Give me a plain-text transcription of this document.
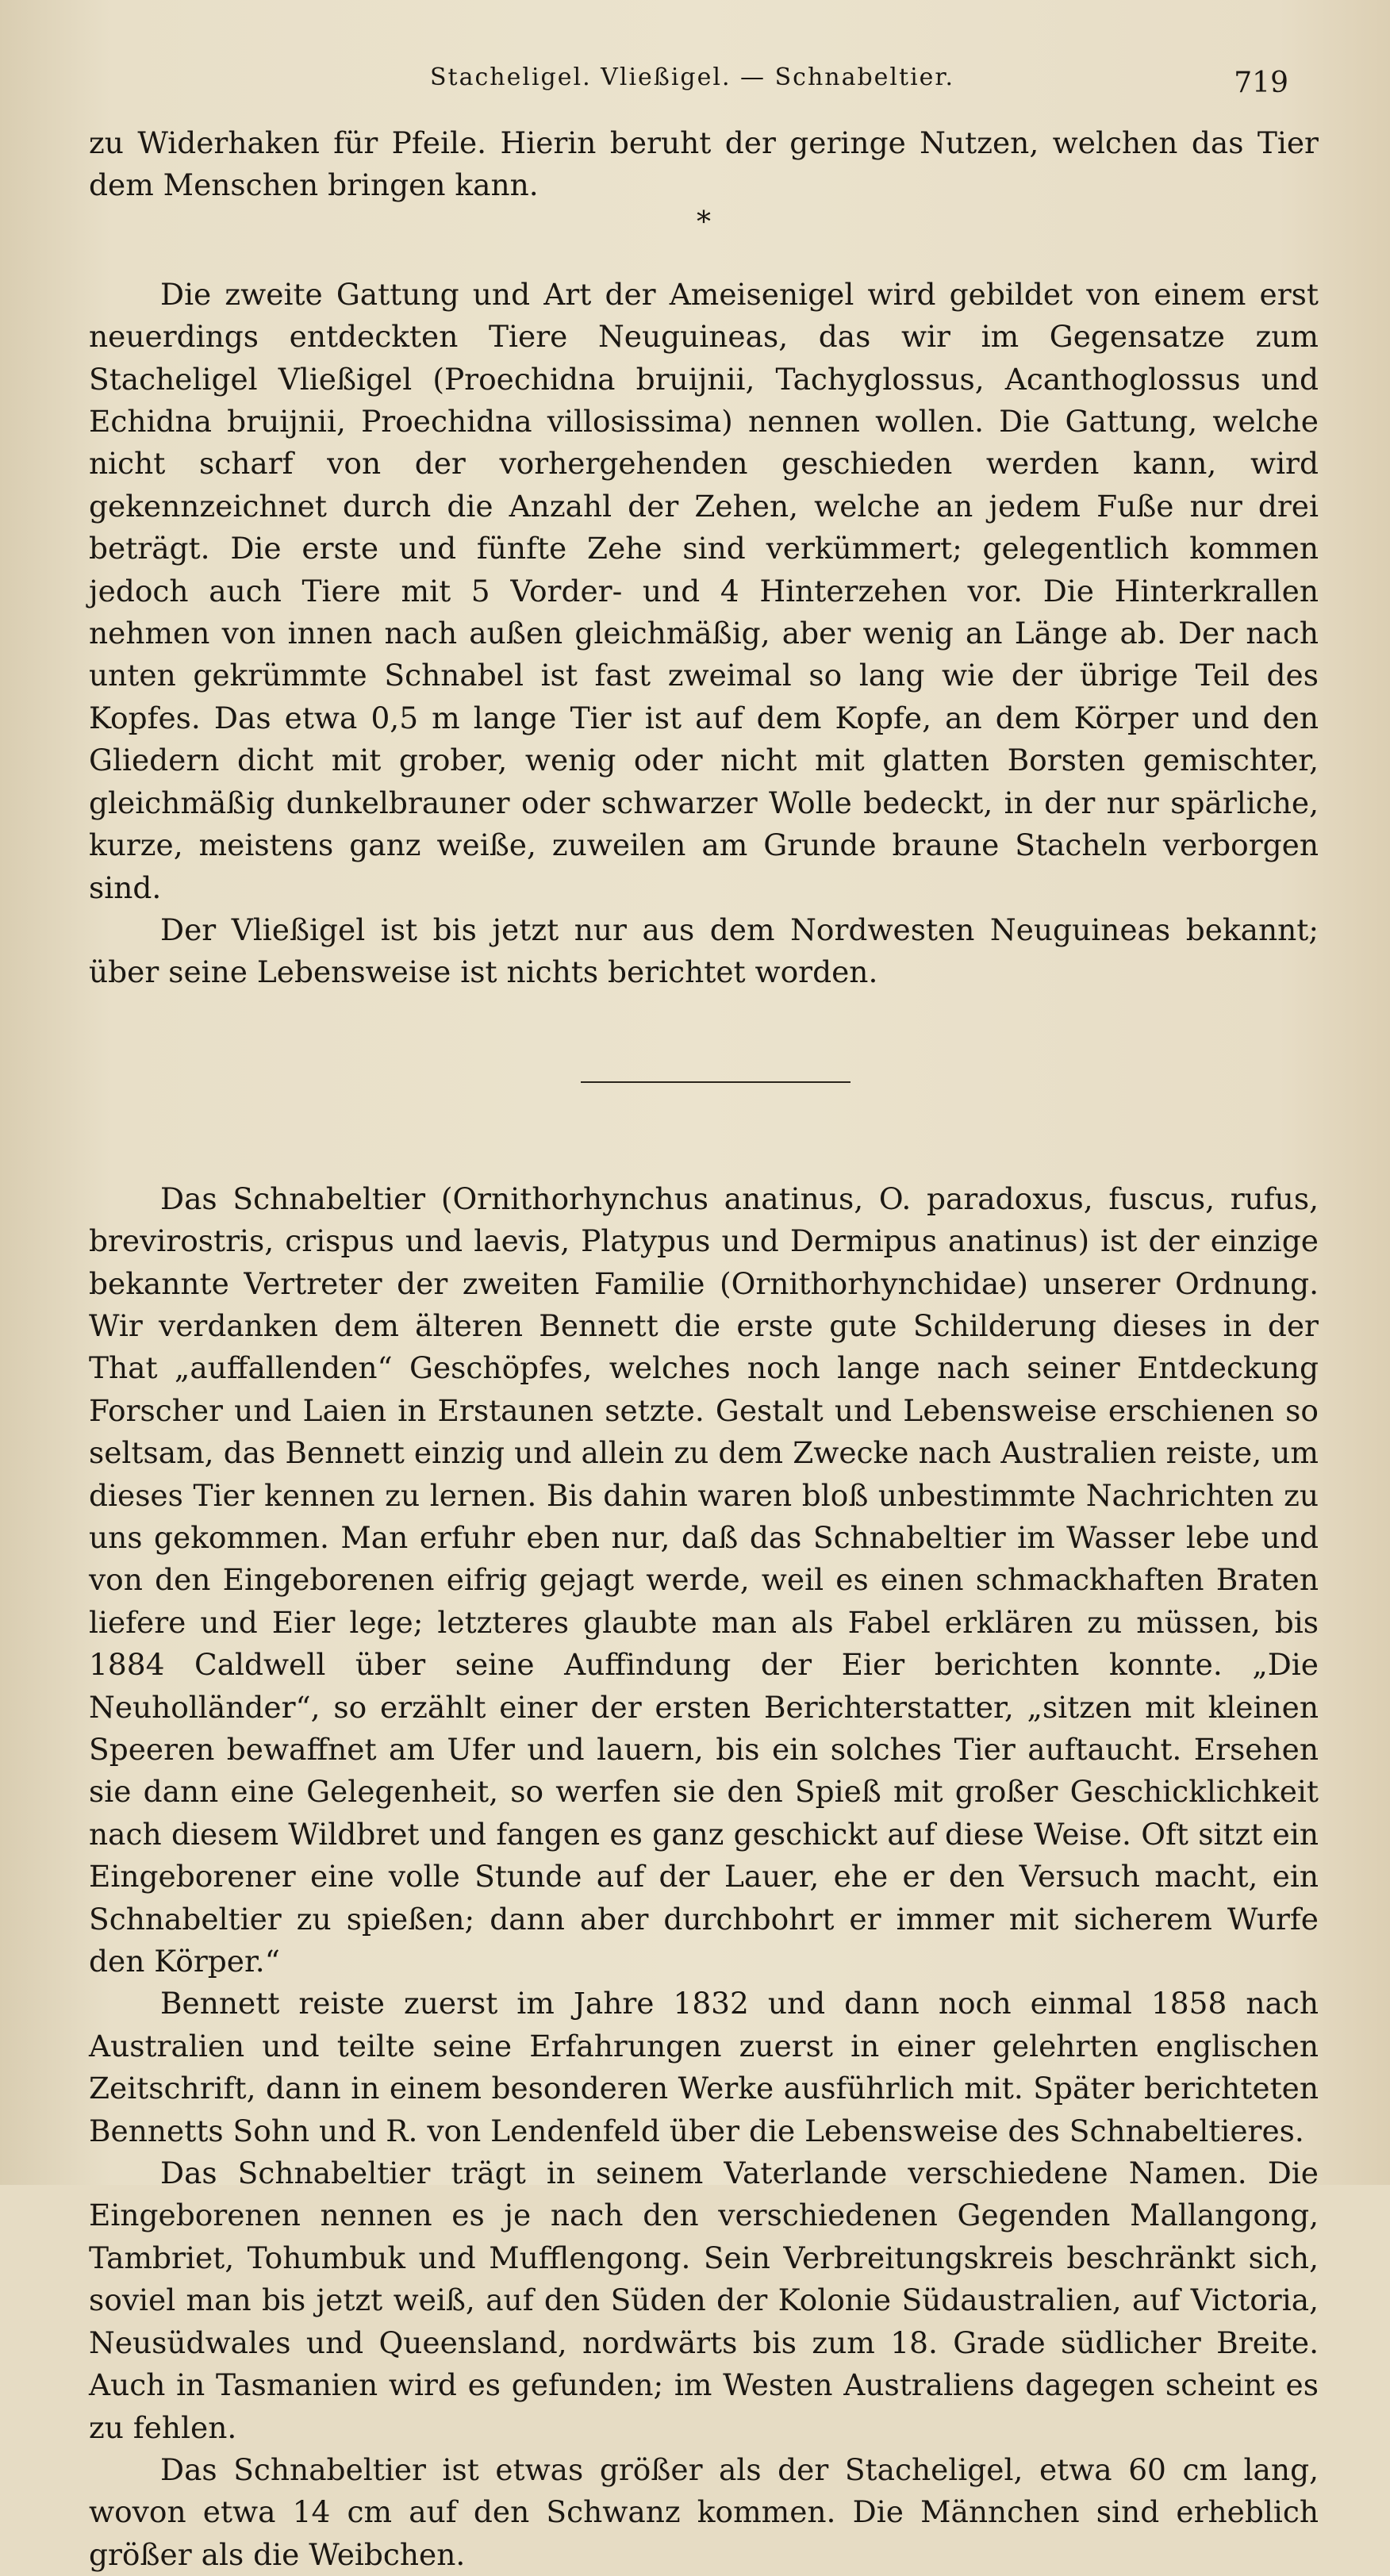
Stacheligel. Vließigel. — Schnabeltier.	719

zu Widerhaken für Pfeile. Hierin beruht der geringe Nutzen, welchen das Tier dem Menschen bringen kann.

*

Die zweite Gattung und Art der Ameisenigel wird gebildet von einem erst neuerdings entdeckten Tiere Neuguineas, das wir im Gegensatze zum Stacheligel Vließigel (Proechidna bruijnii, Tachyglossus, Acanthoglossus und Echidna bruijnii, Proechidna villosissima) nennen wollen. Die Gattung, welche nicht scharf von der vorhergehenden geschieden werden kann, wird gekennzeichnet durch die Anzahl der Zehen, welche an jedem Fuße nur drei beträgt. Die erste und fünfte Zehe sind verkümmert; gelegentlich kommen jedoch auch Tiere mit 5 Vorder- und 4 Hinterzehen vor. Die Hinterkrallen nehmen von innen nach außen gleichmäßig, aber wenig an Länge ab. Der nach unten gekrümmte Schnabel ist fast zweimal so lang wie der übrige Teil des Kopfes. Das etwa 0,5 m lange Tier ist auf dem Kopfe, an dem Körper und den Gliedern dicht mit grober, wenig oder nicht mit glatten Borsten gemischter, gleichmäßig dunkelbrauner oder schwarzer Wolle bedeckt, in der nur spärliche, kurze, meistens ganz weiße, zuweilen am Grunde braune Stacheln verborgen sind.

Der Vließigel ist bis jetzt nur aus dem Nordwesten Neuguineas bekannt; über seine Lebensweise ist nichts berichtet worden.

Das Schnabeltier (Ornithorhynchus anatinus, O. paradoxus, fuscus, rufus, brevirostris, crispus und laevis, Platypus und Dermipus anatinus) ist der einzige bekannte Vertreter der zweiten Familie (Ornithorhynchidae) unserer Ordnung. Wir verdanken dem älteren Bennett die erste gute Schilderung dieses in der That „auffallenden“ Geschöpfes, welches noch lange nach seiner Entdeckung Forscher und Laien in Erstaunen setzte. Gestalt und Lebensweise erschienen so seltsam, das Bennett einzig und allein zu dem Zwecke nach Australien reiste, um dieses Tier kennen zu lernen. Bis dahin waren bloß unbestimmte Nachrichten zu uns gekommen. Man erfuhr eben nur, daß das Schnabeltier im Wasser lebe und von den Eingeborenen eifrig gejagt werde, weil es einen schmackhaften Braten liefere und Eier lege; letzteres glaubte man als Fabel erklären zu müssen, bis 1884 Caldwell über seine Auffindung der Eier berichten konnte. „Die Neuholländer“, so erzählt einer der ersten Berichterstatter, „sitzen mit kleinen Speeren bewaffnet am Ufer und lauern, bis ein solches Tier auftaucht. Ersehen sie dann eine Gelegenheit, so werfen sie den Spieß mit großer Geschicklichkeit nach diesem Wildbret und fangen es ganz geschickt auf diese Weise. Oft sitzt ein Eingeborener eine volle Stunde auf der Lauer, ehe er den Versuch macht, ein Schnabeltier zu spießen; dann aber durchbohrt er immer mit sicherem Wurfe den Körper.“

Bennett reiste zuerst im Jahre 1832 und dann noch einmal 1858 nach Australien und teilte seine Erfahrungen zuerst in einer gelehrten englischen Zeitschrift, dann in einem besonderen Werke ausführlich mit. Später berichteten Bennetts Sohn und R. von Lendenfeld über die Lebensweise des Schnabeltieres.

Das Schnabeltier trägt in seinem Vaterlande verschiedene Namen. Die Eingeborenen nennen es je nach den verschiedenen Gegenden Mallangong, Tambriet, Tohumbuk und Mufflengong. Sein Verbreitungskreis beschränkt sich, soviel man bis jetzt weiß, auf den Süden der Kolonie Südaustralien, auf Victoria, Neusüdwales und Queensland, nordwärts bis zum 18. Grade südlicher Breite. Auch in Tasmanien wird es gefunden; im Westen Australiens dagegen scheint es zu fehlen.

Das Schnabeltier ist etwas größer als der Stacheligel, etwa 60 cm lang, wovon etwa 14 cm auf den Schwanz kommen. Die Männchen sind erheblich größer als die Weibchen.
